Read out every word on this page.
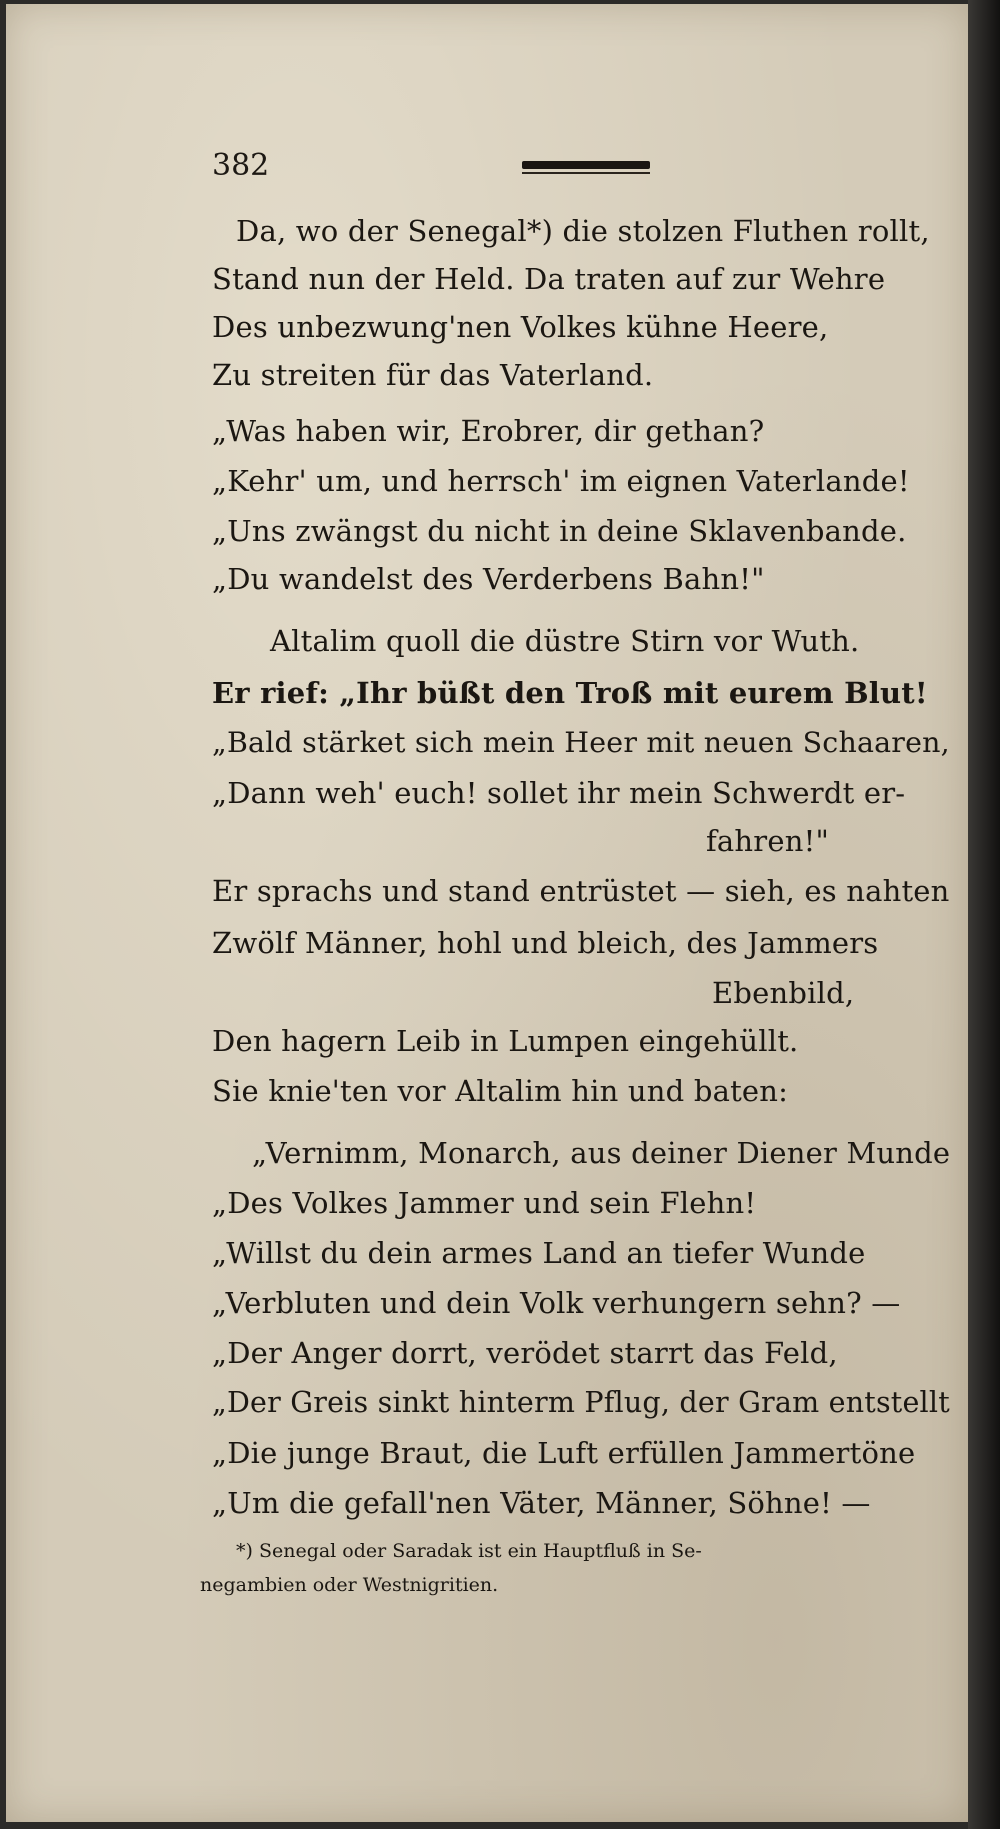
382
Da, wo der Senegal*) die stolzen Fluthen rollt,
Stand nun der Held. Da traten auf zur Wehre
Des unbezwung'nen Volkes kühne Heere,
Zu streiten für das Vaterland.
„Was haben wir, Erobrer, dir gethan?
„Kehr' um, und herrsch' im eignen Vaterlande!
„Uns zwängst du nicht in deine Sklavenbande.
„Du wandelst des Verderbens Bahn!"
Altalim quoll die düstre Stirn vor Wuth.
Er rief: „Ihr büßt den Troß mit eurem Blut!
„Bald stärket sich mein Heer mit neuen Schaaren,
„Dann weh' euch! sollet ihr mein Schwerdt er-
fahren!"
Er sprachs und stand entrüstet — sieh, es nahten
Zwölf Männer, hohl und bleich, des Jammers
Ebenbild,
Den hagern Leib in Lumpen eingehüllt.
Sie knie'ten vor Altalim hin und baten:
„Vernimm, Monarch, aus deiner Diener Munde
„Des Volkes Jammer und sein Flehn!
„Willst du dein armes Land an tiefer Wunde
„Verbluten und dein Volk verhungern sehn? —
„Der Anger dorrt, verödet starrt das Feld,
„Der Greis sinkt hinterm Pflug, der Gram entstellt
„Die junge Braut, die Luft erfüllen Jammertöne
„Um die gefall'nen Väter, Männer, Söhne! —
*) Senegal oder Saradak ist ein Hauptfluß in Se-
negambien oder Westnigritien.
